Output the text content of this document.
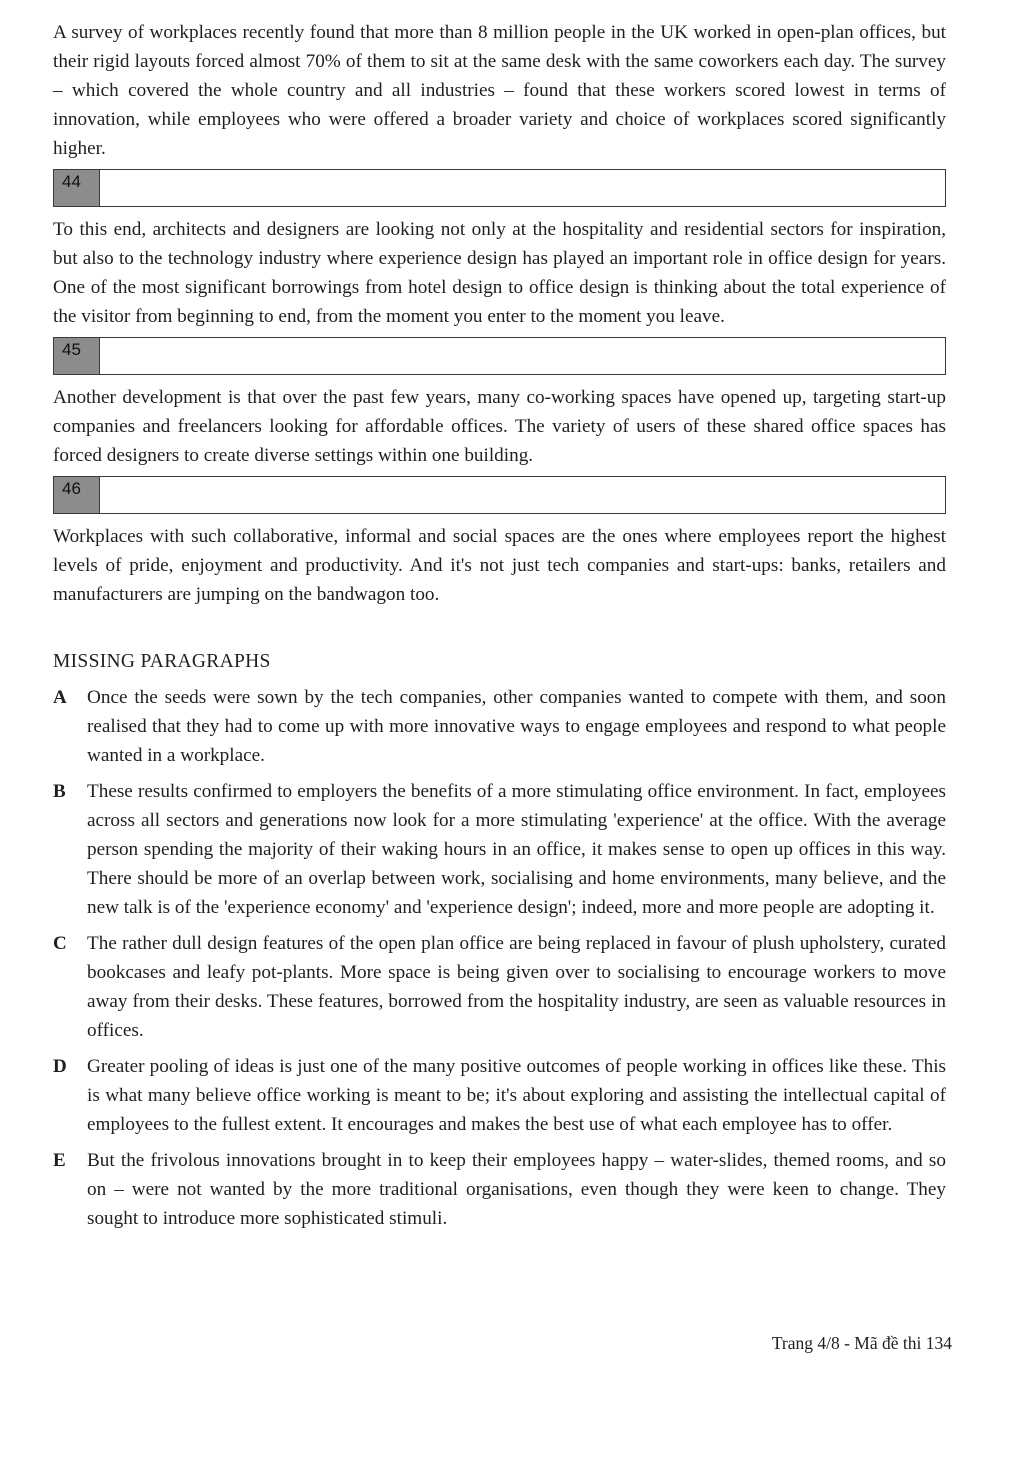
A survey of workplaces recently found that more than 8 million people in the UK worked in open-plan offices, but their rigid layouts forced almost 70% of them to sit at the same desk with the same coworkers each day. The survey – which covered the whole country and all industries – found that these workers scored lowest in terms of innovation, while employees who were offered a broader variety and choice of workplaces scored significantly higher.

44

To this end, architects and designers are looking not only at the hospitality and residential sectors for inspiration, but also to the technology industry where experience design has played an important role in office design for years. One of the most significant borrowings from hotel design to office design is thinking about the total experience of the visitor from beginning to end, from the moment you enter to the moment you leave.

45

Another development is that over the past few years, many co-working spaces have opened up, targeting start-up companies and freelancers looking for affordable offices. The variety of users of these shared office spaces has forced designers to create diverse settings within one building.

46

Workplaces with such collaborative, informal and social spaces are the ones where employees report the highest levels of pride, enjoyment and productivity. And it's not just tech companies and start-ups: banks, retailers and manufacturers are jumping on the bandwagon too.

MISSING PARAGRAPHS
A	Once the seeds were sown by the tech companies, other companies wanted to compete with them, and soon realised that they had to come up with more innovative ways to engage employees and respond to what people wanted in a workplace.

B	These results confirmed to employers the benefits of a more stimulating office environment. In fact, employees across all sectors and generations now look for a more stimulating 'experience' at the office. With the average person spending the majority of their waking hours in an office, it makes sense to open up offices in this way. There should be more of an overlap between work, socialising and home environments, many believe, and the new talk is of the 'experience economy' and 'experience design'; indeed, more and more people are adopting it.

C	The rather dull design features of the open plan office are being replaced in favour of plush upholstery, curated bookcases and leafy pot-plants. More space is being given over to socialising to encourage workers to move away from their desks. These features, borrowed from the hospitality industry, are seen as valuable resources in offices.

D	Greater pooling of ideas is just one of the many positive outcomes of people working in offices like these. This is what many believe office working is meant to be; it's about exploring and assisting the intellectual capital of employees to the fullest extent. It encourages and makes the best use of what each employee has to offer.

E	But the frivolous innovations brought in to keep their employees happy – water-slides, themed rooms, and so on – were not wanted by the more traditional organisations, even though they were keen to change. They sought to introduce more sophisticated stimuli.

Trang 4/8 - Mã đề thi 134
